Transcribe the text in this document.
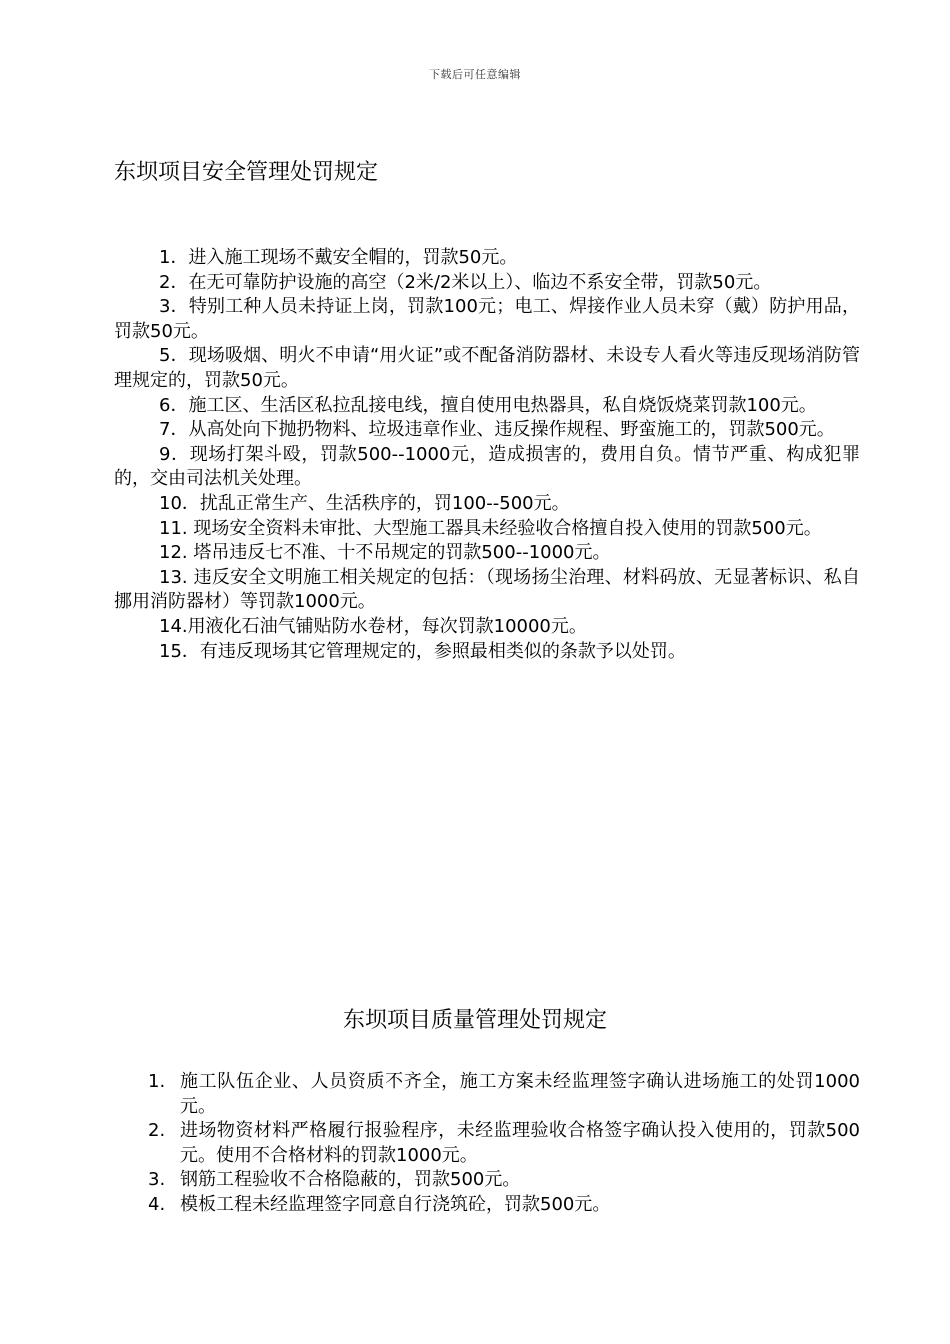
下载后可任意编辑
东坝项目安全管理处罚规定

1．进入施工现场不戴安全帽的，罚款50元。

2．在无可靠防护设施的高空（2米/2米以上）、临边不系安全带，罚款50元。

3．特别工种人员未持证上岗，罚款100元；电工、焊接作业人员未穿（戴）防护用品，罚款50元。

5．现场吸烟、明火不申请“用火证”或不配备消防器材、未设专人看火等违反现场消防管理规定的，罚款50元。

6．施工区、生活区私拉乱接电线，擅自使用电热器具，私自烧饭烧菜罚款100元。

7．从高处向下抛扔物料、垃圾违章作业、违反操作规程、野蛮施工的，罚款500元。

9．现场打架斗殴，罚款500--1000元，造成损害的，费用自负。情节严重、构成犯罪的，交由司法机关处理。

10．扰乱正常生产、生活秩序的，罚100--500元。

11. 现场安全资料未审批、大型施工器具未经验收合格擅自投入使用的罚款500元。

12. 塔吊违反七不准、十不吊规定的罚款500--1000元。

13. 违反安全文明施工相关规定的包括：（现场扬尘治理、材料码放、无显著标识、私自挪用消防器材）等罚款1000元。

14.用液化石油气铺贴防水卷材，每次罚款10000元。

15．有违反现场其它管理规定的，参照最相类似的条款予以处罚。

东坝项目质量管理处罚规定
1. 施工队伍企业、人员资质不齐全，施工方案未经监理签字确认进场施工的处罚1000元。
2. 进场物资材料严格履行报验程序，未经监理验收合格签字确认投入使用的，罚款500元。使用不合格材料的罚款1000元。
3. 钢筋工程验收不合格隐蔽的，罚款500元。
4. 模板工程未经监理签字同意自行浇筑砼，罚款500元。
